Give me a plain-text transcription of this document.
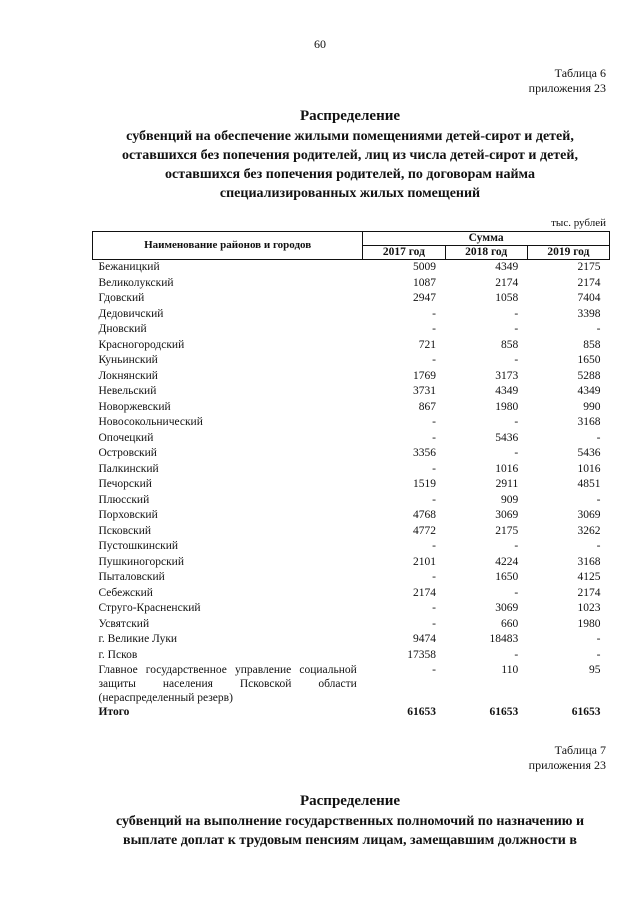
60
Таблица 6
приложения 23
Распределение
субвенций на обеспечение жилыми помещениями детей-сирот и детей,
оставшихся без попечения родителей, лиц из числа детей-сирот и детей,
оставшихся без попечения родителей, по договорам найма
специализированных жилых помещений
тыс. рублей
Наименование районов и городов	Сумма		
	2017 год	2018 год	2019 год
Бежаницкий	5009	4349	2175
Великолукский	1087	2174	2174
Гдовский	2947	1058	7404
Дедовичский	-	-	3398
Дновский	-	-	-
Красногородский	721	858	858
Куньинский	-	-	1650
Локнянский	1769	3173	5288
Невельский	3731	4349	4349
Новоржевский	867	1980	990
Новосокольнический	-	-	3168
Опочецкий	-	5436	-
Островский	3356	-	5436
Палкинский	-	1016	1016
Печорский	1519	2911	4851
Плюсский	-	909	-
Порховский	4768	3069	3069
Псковский	4772	2175	3262
Пустошкинский	-	-	-
Пушкиногорский	2101	4224	3168
Пыталовский	-	1650	4125
Себежский	2174	-	2174
Струго-Красненский	-	3069	1023
Усвятский	-	660	1980
г. Великие Луки	9474	18483	-
г. Псков	17358	-	-
Главное государственное управление социальной защиты населения Псковской области (нераспределенный резерв)	-	110	95
Итого	61653	61653	61653
Таблица 7
приложения 23
Распределение
субвенций на выполнение государственных полномочий по назначению и
выплате доплат к трудовым пенсиям лицам, замещавшим должности в
